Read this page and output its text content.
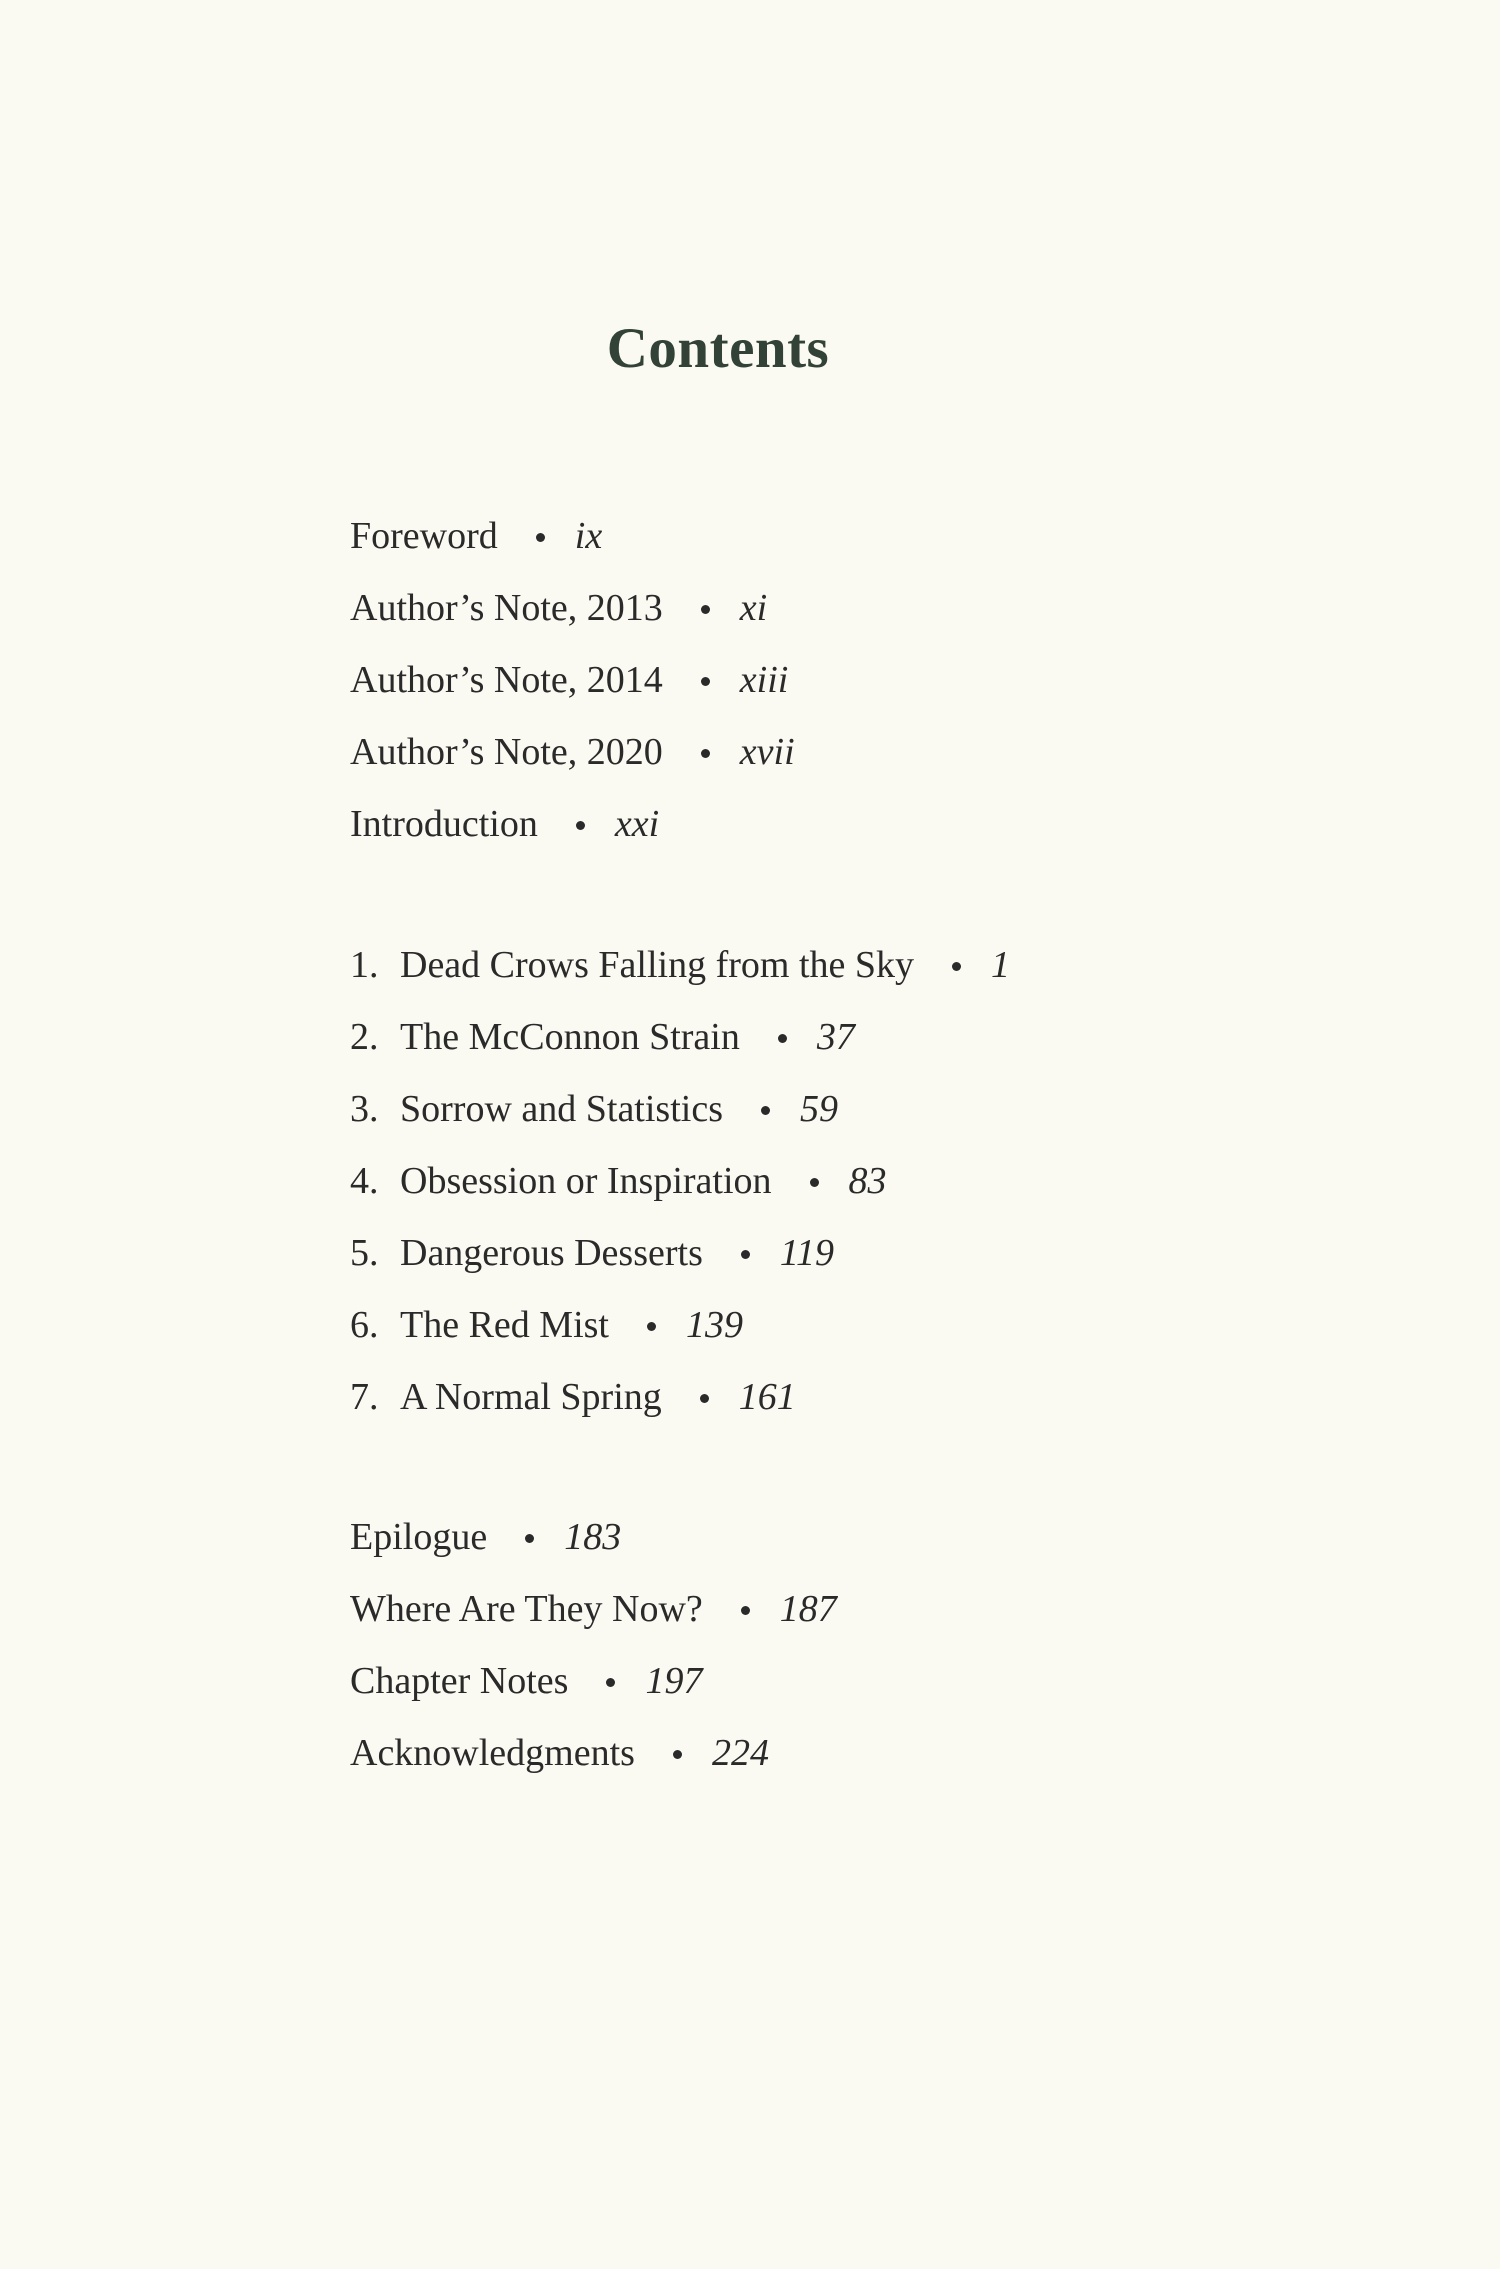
Contents
Foreword ix
Author’s Note, 2013 xi
Author’s Note, 2014 xiii
Author’s Note, 2020 xvii
Introduction xxi
1. Dead Crows Falling from the Sky 1
2. The McConnon Strain 37
3. Sorrow and Statistics 59
4. Obsession or Inspiration 83
5. Dangerous Desserts 119
6. The Red Mist 139
7. A Normal Spring 161
Epilogue 183
Where Are They Now? 187
Chapter Notes 197
Acknowledgments 224
